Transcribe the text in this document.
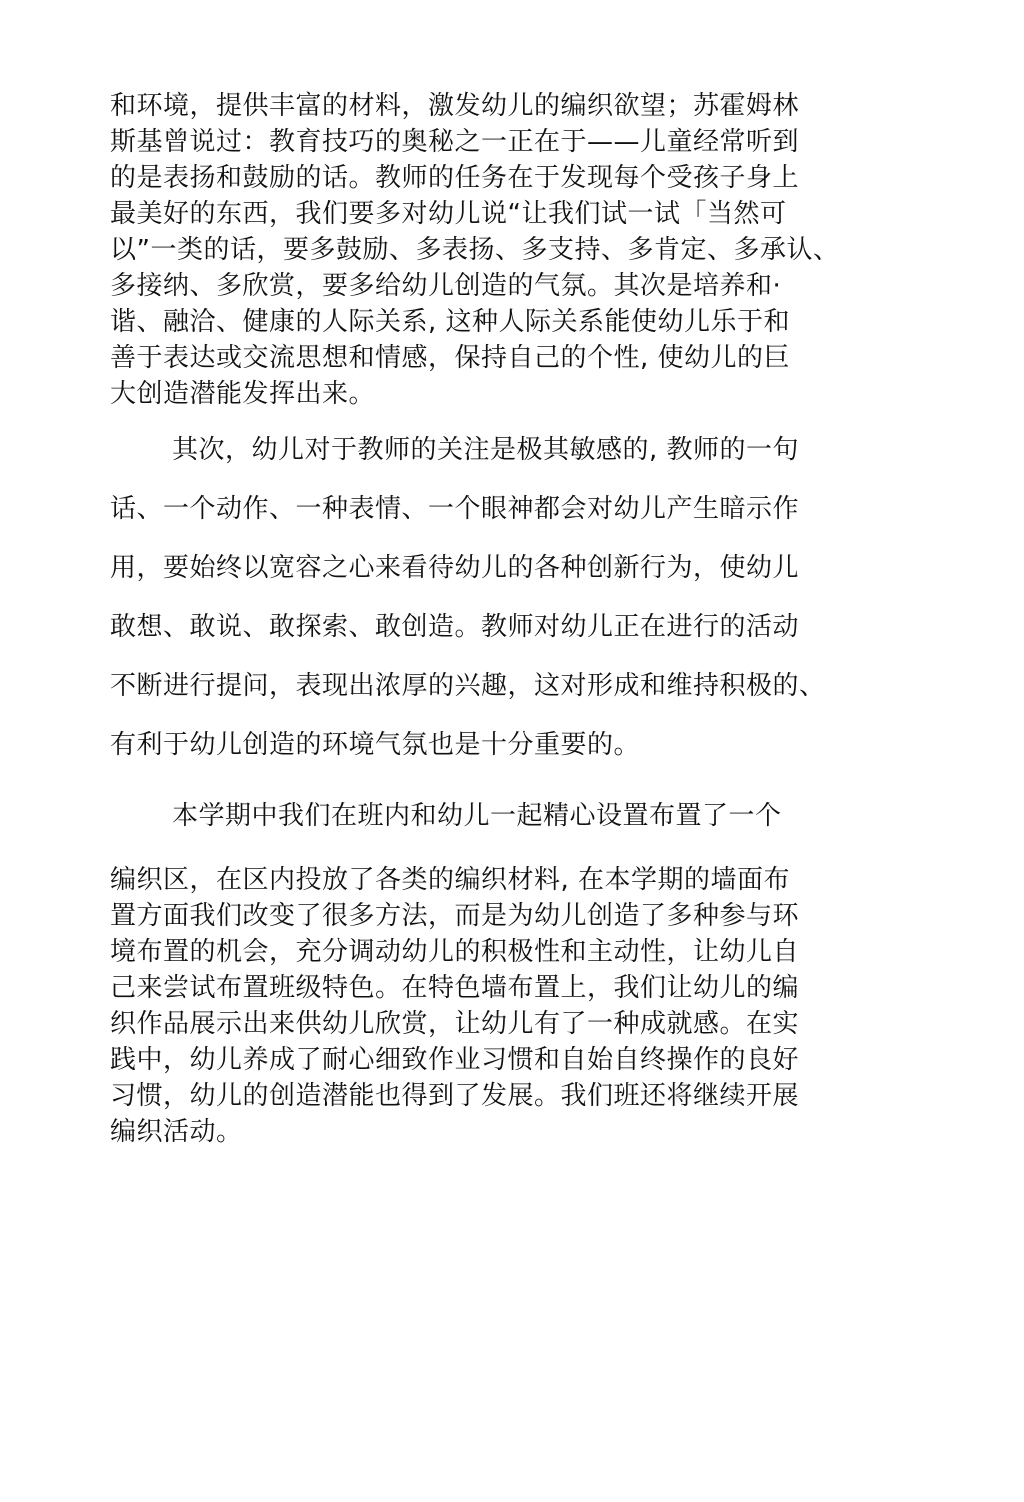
和环境，提供丰富的材料，激发幼儿的编织欲望；苏霍姆林
斯基曾说过：教育技巧的奥秘之一正在于——儿童经常听到
的是表扬和鼓励的话。教师的任务在于发现每个受孩子身上
最美好的东西，我们要多对幼儿说“让我们试一试「当然可
以”一类的话，要多鼓励、多表扬、多支持、多肯定、多承认、
多接纳、多欣赏，要多给幼儿创造的气氛。其次是培养和·
谐、融洽、健康的人际关系, 这种人际关系能使幼儿乐于和
善于表达或交流思想和情感，保持自己的个性, 使幼儿的巨
大创造潜能发挥出来。
其次，幼儿对于教师的关注是极其敏感的, 教师的一句
话、一个动作、一种表情、一个眼神都会对幼儿产生暗示作
用，要始终以宽容之心来看待幼儿的各种创新行为，使幼儿
敢想、敢说、敢探索、敢创造。教师对幼儿正在进行的活动
不断进行提问，表现出浓厚的兴趣，这对形成和维持积极的、
有利于幼儿创造的环境气氛也是十分重要的。
本学期中我们在班内和幼儿一起精心设置布置了一个
编织区，在区内投放了各类的编织材料, 在本学期的墙面布
置方面我们改变了很多方法，而是为幼儿创造了多种参与环
境布置的机会，充分调动幼儿的积极性和主动性，让幼儿自
己来尝试布置班级特色。在特色墙布置上，我们让幼儿的编
织作品展示出来供幼儿欣赏，让幼儿有了一种成就感。在实
践中，幼儿养成了耐心细致作业习惯和自始自终操作的良好
习惯，幼儿的创造潜能也得到了发展。我们班还将继续开展
编织活动。
